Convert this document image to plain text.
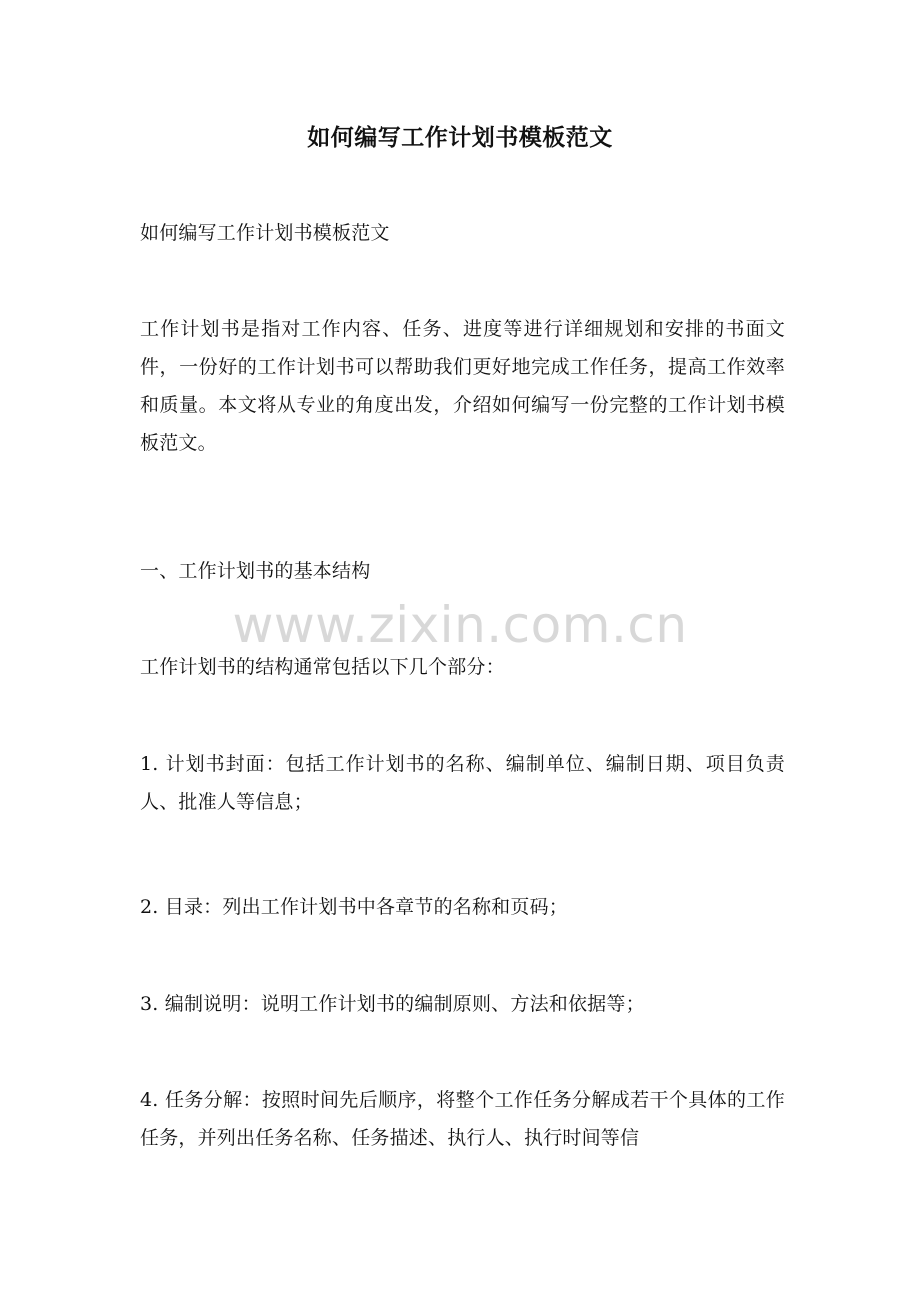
www.zixin.com.cn
如何编写工作计划书模板范文

如何编写工作计划书模板范文

工作计划书是指对工作内容、任务、进度等进行详细规划和安排的书面文件，一份好的工作计划书可以帮助我们更好地完成工作任务，提高工作效率和质量。本文将从专业的角度出发，介绍如何编写一份完整的工作计划书模板范文。

一、工作计划书的基本结构

工作计划书的结构通常包括以下几个部分：

1. 计划书封面：包括工作计划书的名称、编制单位、编制日期、项目负责人、批准人等信息；

2. 目录：列出工作计划书中各章节的名称和页码；

3. 编制说明：说明工作计划书的编制原则、方法和依据等；

4. 任务分解：按照时间先后顺序，将整个工作任务分解成若干个具体的工作任务，并列出任务名称、任务描述、执行人、执行时间等信
